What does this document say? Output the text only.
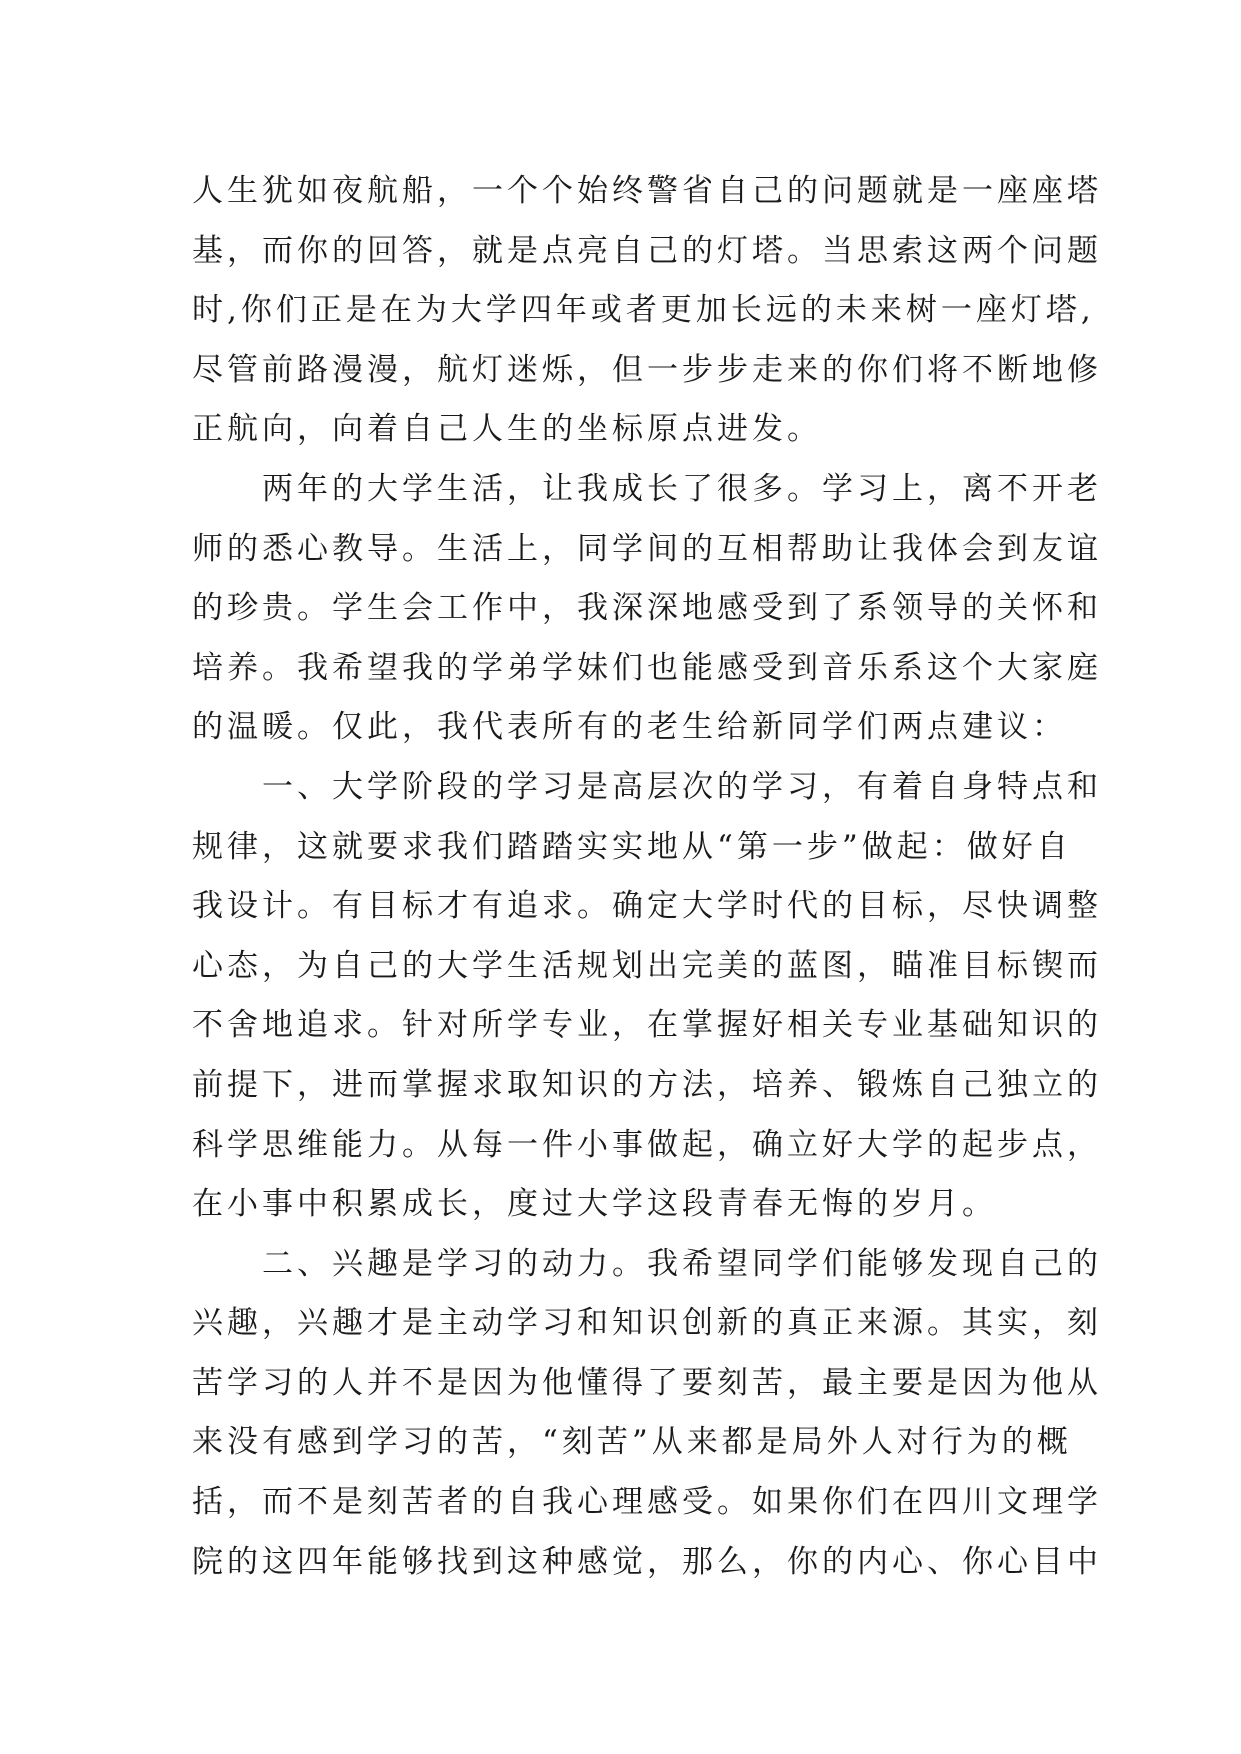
人生犹如夜航船，一个个始终警省自己的问题就是一座座塔
基，而你的回答，就是点亮自己的灯塔。当思索这两个问题
时,你们正是在为大学四年或者更加长远的未来树一座灯塔,
尽管前路漫漫，航灯迷烁，但一步步走来的你们将不断地修
正航向，向着自己人生的坐标原点进发。
　　两年的大学生活，让我成长了很多。学习上，离不开老
师的悉心教导。生活上，同学间的互相帮助让我体会到友谊
的珍贵。学生会工作中，我深深地感受到了系领导的关怀和
培养。我希望我的学弟学妹们也能感受到音乐系这个大家庭
的温暖。仅此，我代表所有的老生给新同学们两点建议：
　　一、大学阶段的学习是高层次的学习，有着自身特点和
规律，这就要求我们踏踏实实地从“第一步”做起：做好自
我设计。有目标才有追求。确定大学时代的目标，尽快调整
心态，为自己的大学生活规划出完美的蓝图，瞄准目标锲而
不舍地追求。针对所学专业，在掌握好相关专业基础知识的
前提下，进而掌握求取知识的方法，培养、锻炼自己独立的
科学思维能力。从每一件小事做起，确立好大学的起步点，
在小事中积累成长，度过大学这段青春无悔的岁月。
　　二、兴趣是学习的动力。我希望同学们能够发现自己的
兴趣，兴趣才是主动学习和知识创新的真正来源。其实，刻
苦学习的人并不是因为他懂得了要刻苦，最主要是因为他从
来没有感到学习的苦，“刻苦”从来都是局外人对行为的概
括，而不是刻苦者的自我心理感受。如果你们在四川文理学
院的这四年能够找到这种感觉，那么，你的内心、你心目中
